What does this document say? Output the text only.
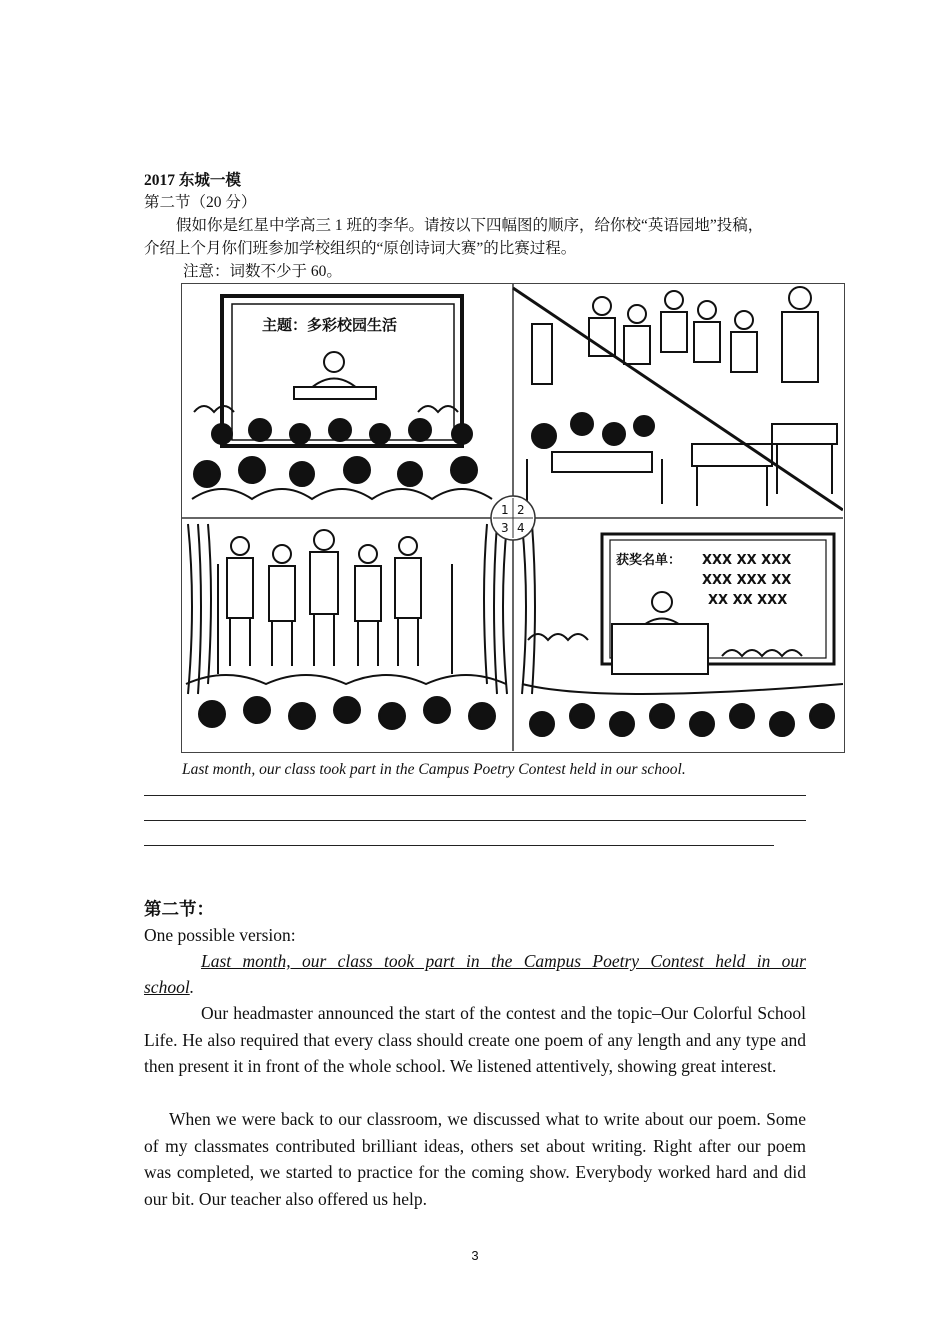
2017 东城一模
第二节（20 分）
假如你是红星中学高三 1 班的李华。请按以下四幅图的顺序，给你校“英语园地”投稿，
介绍上个月你们班参加学校组织的“原创诗词大赛”的比赛过程。
注意：词数不少于 60。
主题：多彩校园生活
获奖名单： XXX XX XXX
XXX XXX XX
XX XX XXX
1 2
3 4
Last month, our class took part in the Campus Poetry Contest held in our school.
第二节：
One possible version:
Last month, our class took part in the Campus Poetry Contest held in our
school.
Our headmaster announced the start of the contest and the topic–Our Colorful School Life. He also required that every class should create one poem of any length and any type and then present it in front of the whole school. We listened attentively, showing great interest.
When we were back to our classroom, we discussed what to write about our poem. Some of my classmates contributed brilliant ideas, others set about writing. Right after our poem was completed, we started to practice for the coming show. Everybody worked hard and did our bit. Our teacher also offered us help.
3
